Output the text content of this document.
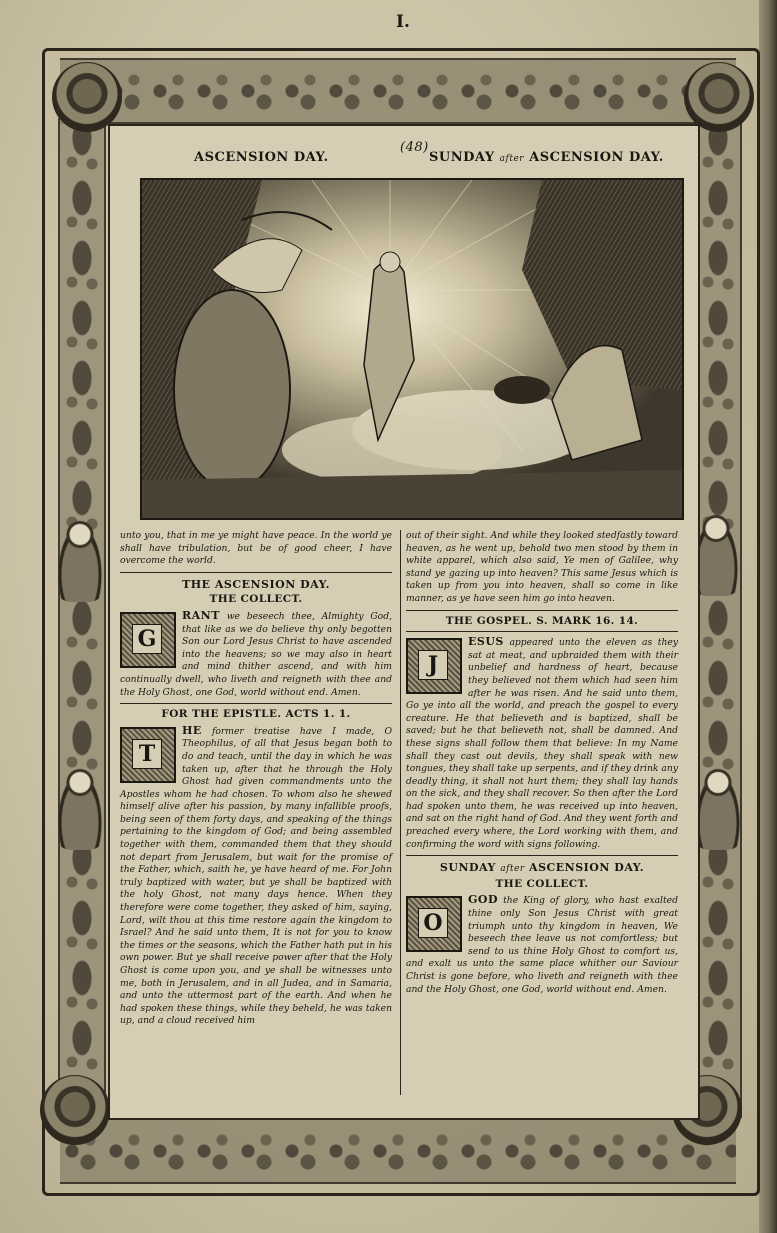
I.
ASCENSION DAY.
(48)
SUNDAY after ASCENSION DAY.

unto you, that in me ye might have peace. In the world ye shall have tribulation, but be of good cheer, I have overcome the world.

THE ASCENSION DAY.
THE COLLECT.

G
RANT we beseech thee, Almighty God, that like as we do believe thy only begotten Son our Lord Jesus Christ to have ascended into the heavens; so we may also in heart and mind thither ascend, and with him continually dwell, who liveth and reigneth with thee and the Holy Ghost, one God, world without end. Amen.

FOR THE EPISTLE. ACTS 1. 1.

T
HE former treatise have I made, O Theophilus, of all that Jesus began both to do and teach, until the day in which he was taken up, after that he through the Holy Ghost had given commandments unto the Apostles whom he had chosen. To whom also he shewed himself alive after his passion, by many infallible proofs, being seen of them forty days, and speaking of the things pertaining to the kingdom of God; and being assembled together with them, commanded them that they should not depart from Jerusalem, but wait for the promise of the Father, which, saith he, ye have heard of me. For John truly baptized with water, but ye shall be baptized with the holy Ghost, not many days hence. When they therefore were come together, they asked of him, saying, Lord, wilt thou at this time restore again the kingdom to Israel? And he said unto them, It is not for you to know the times or the seasons, which the Father hath put in his own power. But ye shall receive power after that the Holy Ghost is come upon you, and ye shall be witnesses unto me, both in Jerusalem, and in all Judea, and in Samaria, and unto the uttermost part of the earth. And when he had spoken these things, while they beheld, he was taken up, and a cloud received him

out of their sight. And while they looked stedfastly toward heaven, as he went up, behold two men stood by them in white apparel, which also said, Ye men of Galilee, why stand ye gazing up into heaven? This same Jesus which is taken up from you into heaven, shall so come in like manner, as ye have seen him go into heaven.

THE GOSPEL. S. MARK 16. 14.

J
ESUS appeared unto the eleven as they sat at meat, and upbraided them with their unbelief and hardness of heart, because they believed not them which had seen him after he was risen. And he said unto them, Go ye into all the world, and preach the gospel to every creature. He that believeth and is baptized, shall be saved; but he that believeth not, shall be damned. And these signs shall follow them that believe: In my Name shall they cast out devils, they shall speak with new tongues, they shall take up serpents, and if they drink any deadly thing, it shall not hurt them; they shall lay hands on the sick, and they shall recover. So then after the Lord had spoken unto them, he was received up into heaven, and sat on the right hand of God. And they went forth and preached every where, the Lord working with them, and confirming the word with signs following.

SUNDAY after ASCENSION DAY.
THE COLLECT.

O
GOD the King of glory, who hast exalted thine only Son Jesus Christ with great triumph unto thy kingdom in heaven, We beseech thee leave us not comfortless; but send to us thine Holy Ghost to comfort us, and exalt us unto the same place whither our Saviour Christ is gone before, who liveth and reigneth with thee and the Holy Ghost, one God, world without end. Amen.
